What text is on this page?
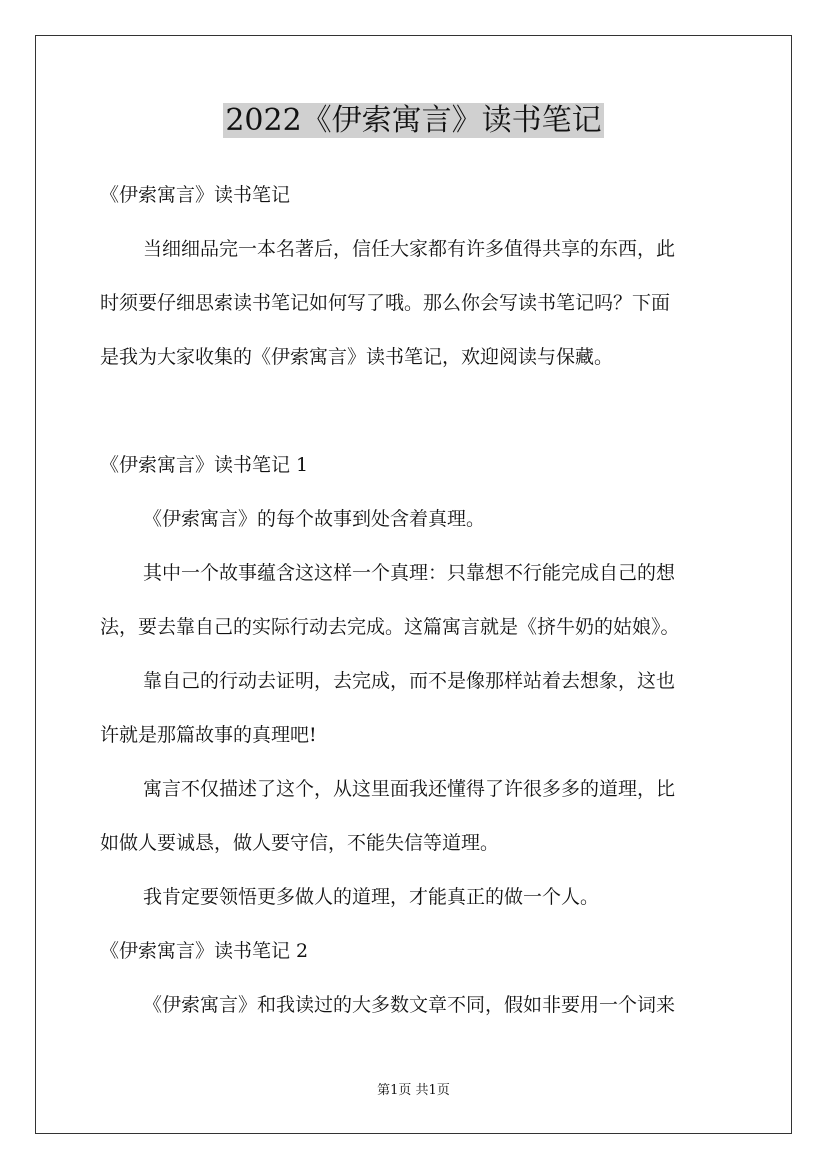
2022《伊索寓言》读书笔记
《伊索寓言》读书笔记
当细细品完一本名著后，信任大家都有许多值得共享的东西，此
时须要仔细思索读书笔记如何写了哦。那么你会写读书笔记吗？下面
是我为大家收集的《伊索寓言》读书笔记，欢迎阅读与保藏。
《伊索寓言》读书笔记 1
《伊索寓言》的每个故事到处含着真理。
其中一个故事蕴含这这样一个真理：只靠想不行能完成自己的想
法，要去靠自己的实际行动去完成。这篇寓言就是《挤牛奶的姑娘》。
靠自己的行动去证明，去完成，而不是像那样站着去想象，这也
许就是那篇故事的真理吧!
寓言不仅描述了这个，从这里面我还懂得了许很多多的道理，比
如做人要诚恳，做人要守信，不能失信等道理。
我肯定要领悟更多做人的道理，才能真正的做一个人。
《伊索寓言》读书笔记 2
《伊索寓言》和我读过的大多数文章不同，假如非要用一个词来
第1页 共1页
